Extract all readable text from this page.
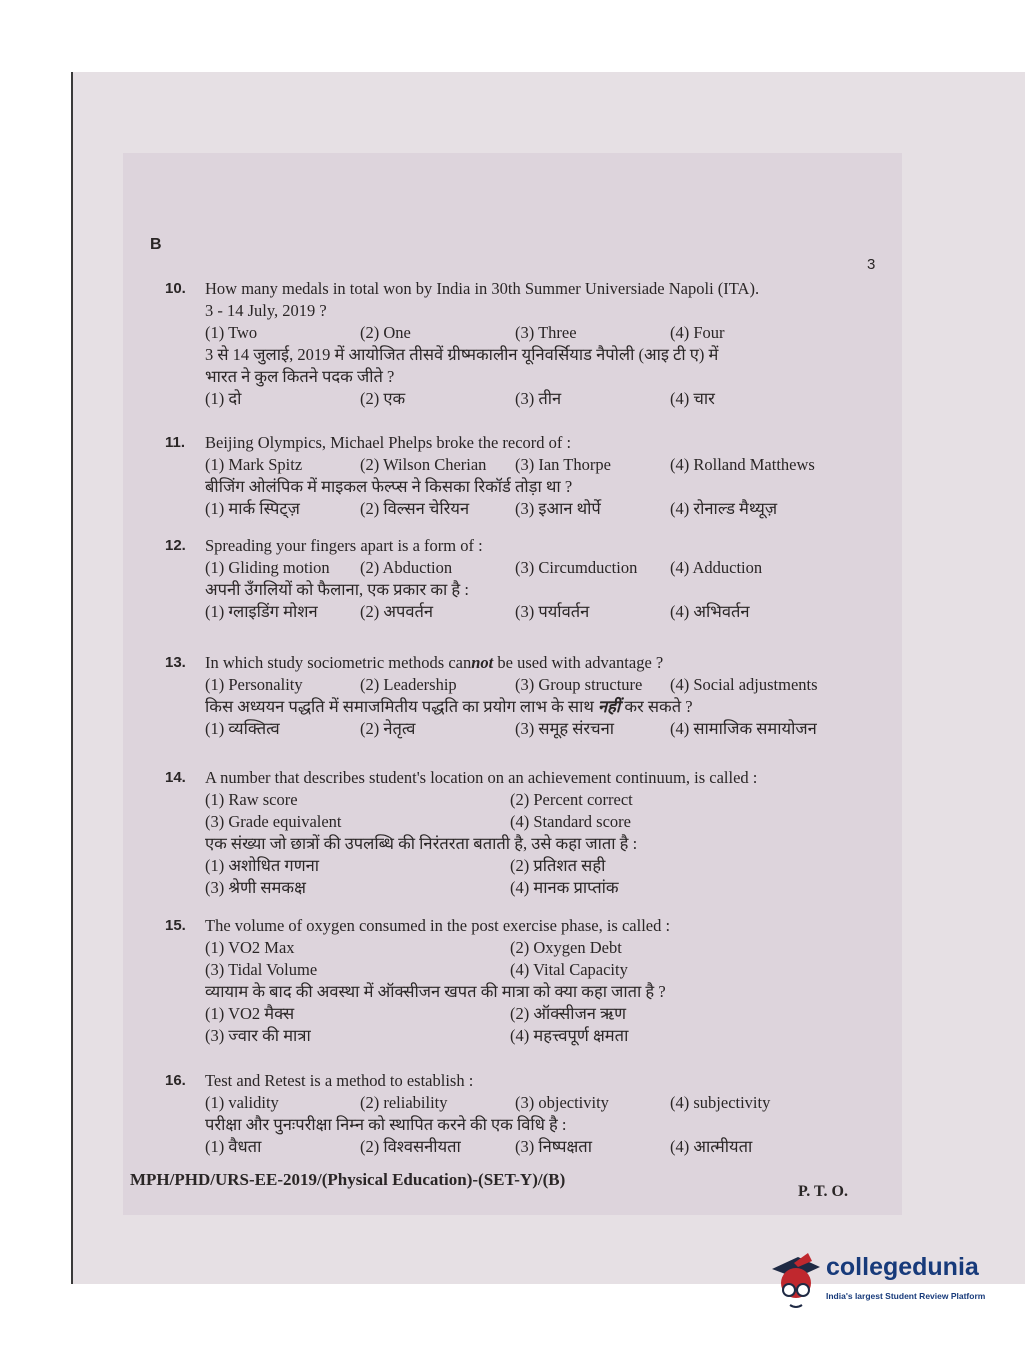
B
3
10. How many medals in total won by India in 30th Summer Universiade Napoli (ITA).
3 - 14 July, 2019 ?
(1) Two	(2) One	(3) Three	(4) Four
3 से 14 जुलाई, 2019 में आयोजित तीसवें ग्रीष्मकालीन यूनिवर्सियाड नैपोली (आइ टी ए) में
भारत ने कुल कितने पदक जीते ?
(1) दो	(2) एक	(3) तीन	(4) चार
11. Beijing Olympics, Michael Phelps broke the record of :
(1) Mark Spitz	(2) Wilson Cherian (3) Ian Thorpe	(4) Rolland Matthews
बीजिंग ओलंपिक में माइकल फेल्प्स ने किसका रिकॉर्ड तोड़ा था ?
(1) मार्क स्पिट्ज़	(2) विल्सन चेरियन	(3) इआन थोर्पे	(4) रोनाल्ड मैथ्यूज़
12. Spreading your fingers apart is a form of :
(1) Gliding motion (2) Abduction	(3) Circumduction (4) Adduction
अपनी उँगलियों को फैलाना, एक प्रकार का है :
(1) ग्लाइडिंग मोशन	(2) अपवर्तन	(3) पर्यावर्तन	(4) अभिवर्तन
13. In which study sociometric methods cannot be used with advantage ?
(1) Personality	(2) Leadership	(3) Group structure (4) Social adjustments
किस अध्ययन पद्धति में समाजमितीय पद्धति का प्रयोग लाभ के साथ नहीं कर सकते ?
(1) व्यक्तित्व	(2) नेतृत्व	(3) समूह संरचना	(4) सामाजिक समायोजन
14. A number that describes student's location on an achievement continuum, is called :
(1) Raw score	(2) Percent correct
(3) Grade equivalent	(4) Standard score
एक संख्या जो छात्रों की उपलब्धि की निरंतरता बताती है, उसे कहा जाता है :
(1) अशोधित गणना	(2) प्रतिशत सही
(3) श्रेणी समकक्ष	(4) मानक प्राप्तांक
15. The volume of oxygen consumed in the post exercise phase, is called :
(1) VO2 Max	(2) Oxygen Debt
(3) Tidal Volume	(4) Vital Capacity
व्यायाम के बाद की अवस्था में ऑक्सीजन खपत की मात्रा को क्या कहा जाता है ?
(1) VO2 मैक्स	(2) ऑक्सीजन ऋण
(3) ज्वार की मात्रा	(4) महत्त्वपूर्ण क्षमता
16. Test and Retest is a method to establish :
(1) validity	(2) reliability	(3) objectivity	(4) subjectivity
परीक्षा और पुनःपरीक्षा निम्न को स्थापित करने की एक विधि है :
(1) वैधता	(2) विश्वसनीयता	(3) निष्पक्षता	(4) आत्मीयता
MPH/PHD/URS-EE-2019/(Physical Education)-(SET-Y)/(B)
P. T. O.
collegedunia
India's largest Student Review Platform
